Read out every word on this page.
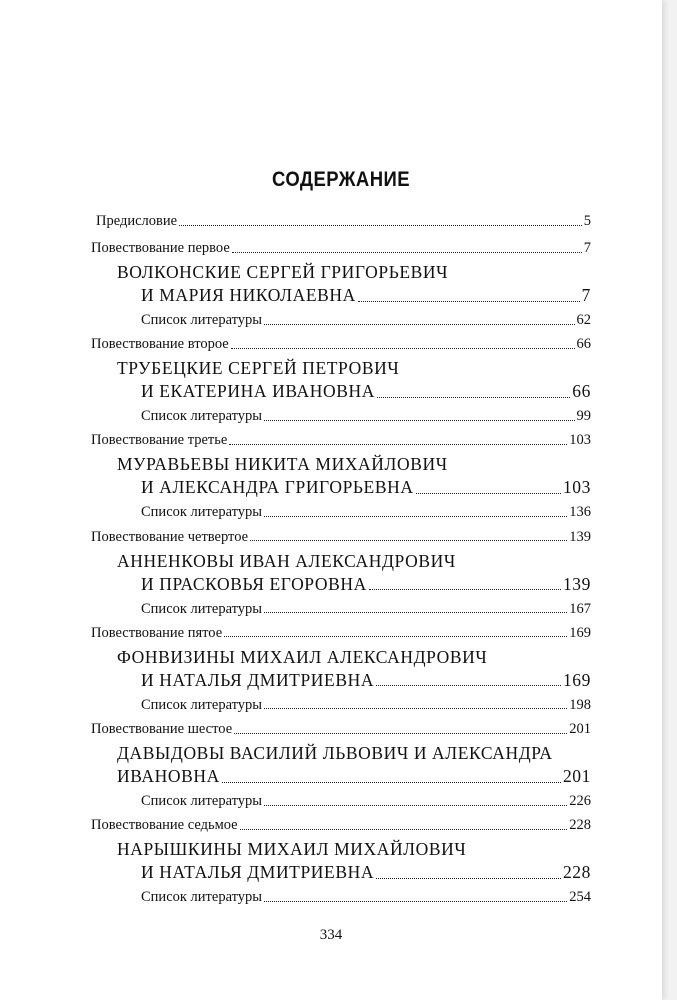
СОДЕРЖАНИЕ
Предисловие	5
Повествование первое	7
ВОЛКОНСКИЕ СЕРГЕЙ ГРИГОРЬЕВИЧ
И МАРИЯ НИКОЛАЕВНА	7
Список литературы	62
Повествование второе	66
ТРУБЕЦКИЕ СЕРГЕЙ ПЕТРОВИЧ
И ЕКАТЕРИНА ИВАНОВНА	66
Список литературы	99
Повествование третье	103
МУРАВЬЕВЫ НИКИТА МИХАЙЛОВИЧ
И АЛЕКСАНДРА ГРИГОРЬЕВНА	103
Список литературы	136
Повествование четвертое	139
АННЕНКОВЫ ИВАН АЛЕКСАНДРОВИЧ
И ПРАСКОВЬЯ ЕГОРОВНА	139
Список литературы	167
Повествование пятое	169
ФОНВИЗИНЫ МИХАИЛ АЛЕКСАНДРОВИЧ
И НАТАЛЬЯ ДМИТРИЕВНА	169
Список литературы	198
Повествование шестое	201
ДАВЫДОВЫ ВАСИЛИЙ ЛЬВОВИЧ И АЛЕКСАНДРА
ИВАНОВНА	201
Список литературы	226
Повествование седьмое	228
НАРЫШКИНЫ МИХАИЛ МИХАЙЛОВИЧ
И НАТАЛЬЯ ДМИТРИЕВНА	228
Список литературы	254
334
